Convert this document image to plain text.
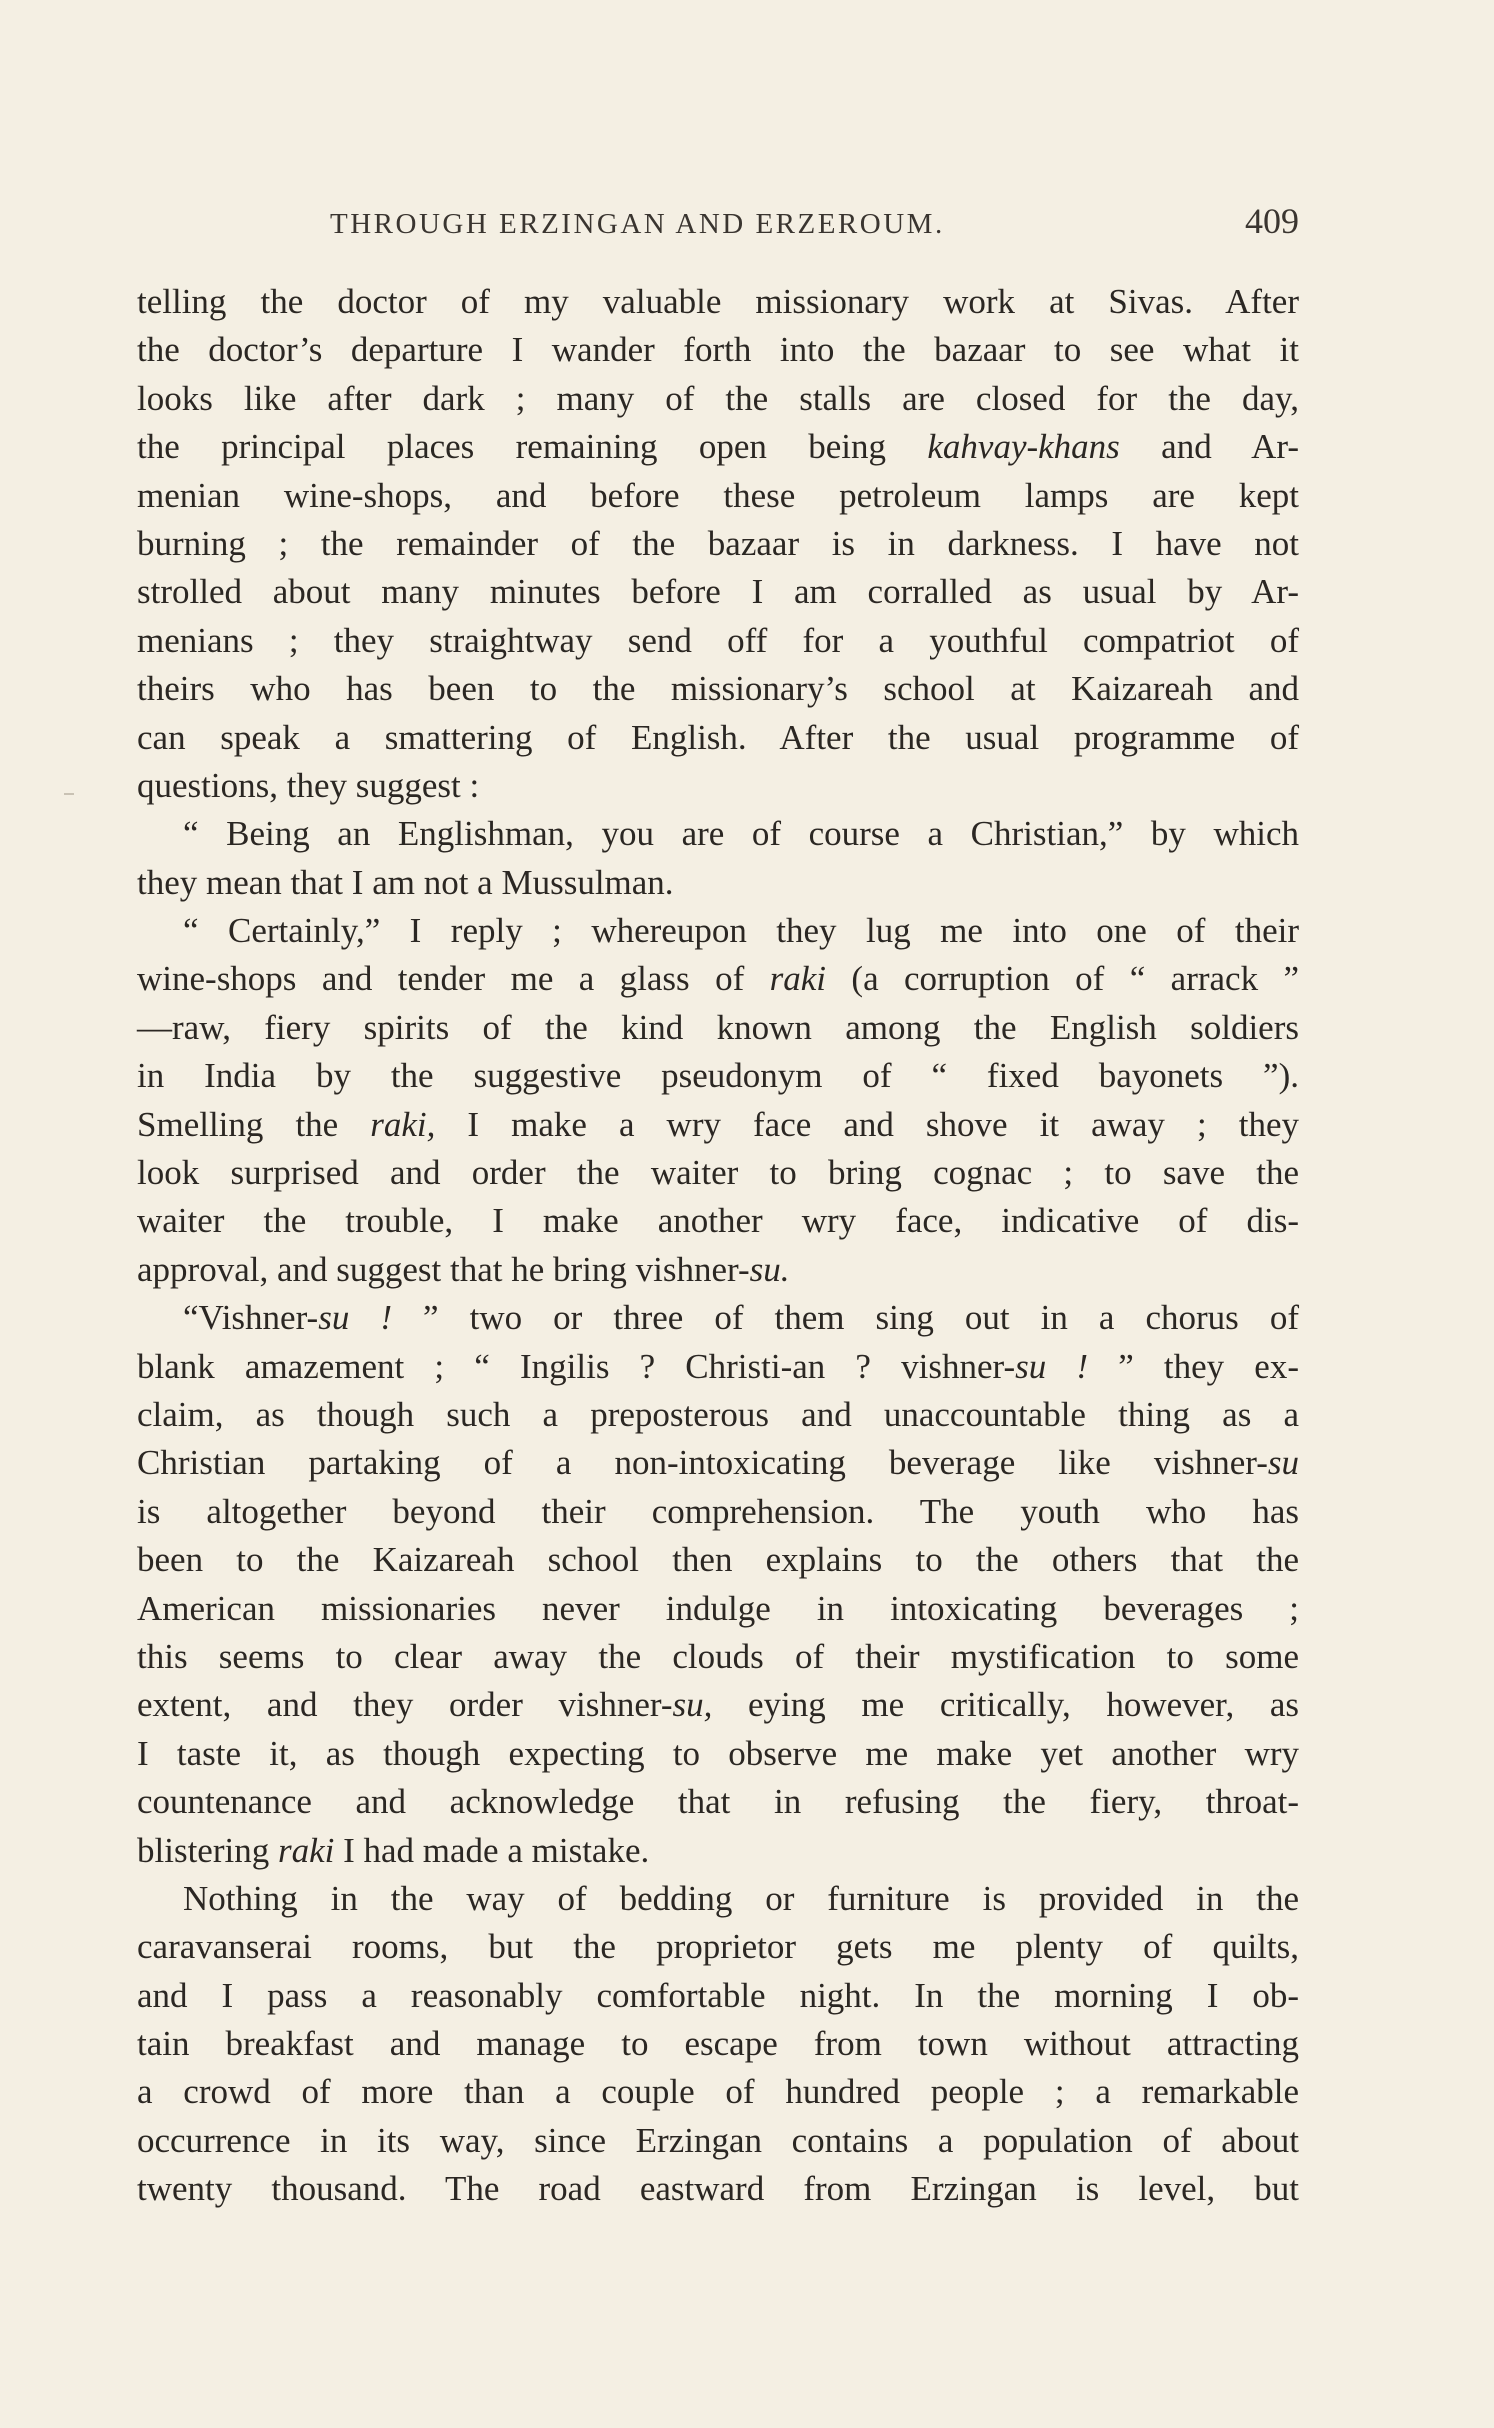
THROUGH ERZINGAN AND ERZEROUM.	409
telling the doctor of my valuable missionary work at Sivas. After
the doctor’s departure I wander forth into the bazaar to see what it
looks like after dark ; many of the stalls are closed for the day,
the principal places remaining open being kahvay-khans and Ar-
menian wine-shops, and before these petroleum lamps are kept
burning ; the remainder of the bazaar is in darkness. I have not
strolled about many minutes before I am corralled as usual by Ar-
menians ; they straightway send off for a youthful compatriot of
theirs who has been to the missionary’s school at Kaizareah and
can speak a smattering of English. After the usual programme of
questions, they suggest :
“ Being an Englishman, you are of course a Christian,” by which
they mean that I am not a Mussulman.
“ Certainly,” I reply ; whereupon they lug me into one of their
wine-shops and tender me a glass of raki (a corruption of “ arrack ”
—raw, fiery spirits of the kind known among the English soldiers
in India by the suggestive pseudonym of “ fixed bayonets ”).
Smelling the raki, I make a wry face and shove it away ; they
look surprised and order the waiter to bring cognac ; to save the
waiter the trouble, I make another wry face, indicative of dis-
approval, and suggest that he bring vishner-su.
“Vishner-su ! ” two or three of them sing out in a chorus of
blank amazement ; “ Ingilis ? Christi-an ? vishner-su ! ” they ex-
claim, as though such a preposterous and unaccountable thing as a
Christian partaking of a non-intoxicating beverage like vishner-su
is altogether beyond their comprehension. The youth who has
been to the Kaizareah school then explains to the others that the
American missionaries never indulge in intoxicating beverages ;
this seems to clear away the clouds of their mystification to some
extent, and they order vishner-su, eying me critically, however, as
I taste it, as though expecting to observe me make yet another wry
countenance and acknowledge that in refusing the fiery, throat-
blistering raki I had made a mistake.
Nothing in the way of bedding or furniture is provided in the
caravanserai rooms, but the proprietor gets me plenty of quilts,
and I pass a reasonably comfortable night. In the morning I ob-
tain breakfast and manage to escape from town without attracting
a crowd of more than a couple of hundred people ; a remarkable
occurrence in its way, since Erzingan contains a population of about
twenty thousand. The road eastward from Erzingan is level, but
